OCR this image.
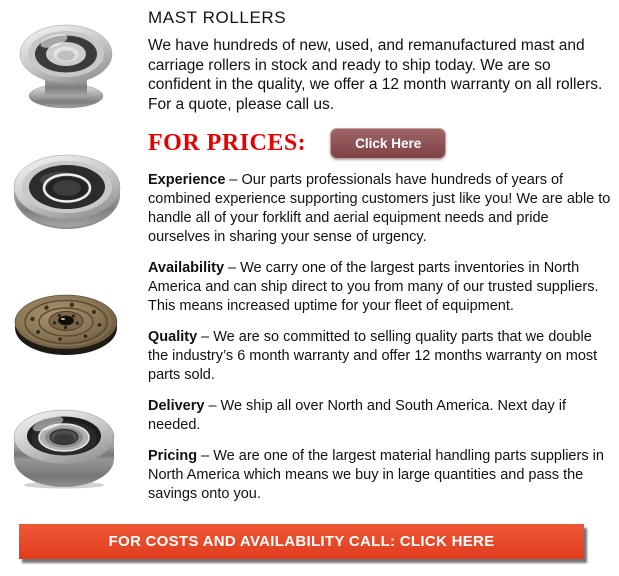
MAST ROLLERS

We have hundreds of new, used, and remanufactured mast and carriage rollers in stock and ready to ship today. We are so confident in the quality, we offer a 12 month warranty on all rollers. For a quote, please call us.

FOR PRICES:	Click Here

Experience – Our parts professionals have hundreds of years of combined experience supporting customers just like you! We are able to handle all of your forklift and aerial equipment needs and pride ourselves in sharing your sense of urgency.

Availability – We carry one of the largest parts inventories in North America and can ship direct to you from many of our trusted suppliers. This means increased uptime for your fleet of equipment.

Quality – We are so committed to selling quality parts that we double the industry’s 6 month warranty and offer 12 months warranty on most parts sold.

Delivery – We ship all over North and South America. Next day if needed.

Pricing – We are one of the largest material handling parts suppliers in North America which means we buy in large quantities and pass the savings onto you.

FOR COSTS AND AVAILABILITY CALL: CLICK HERE
